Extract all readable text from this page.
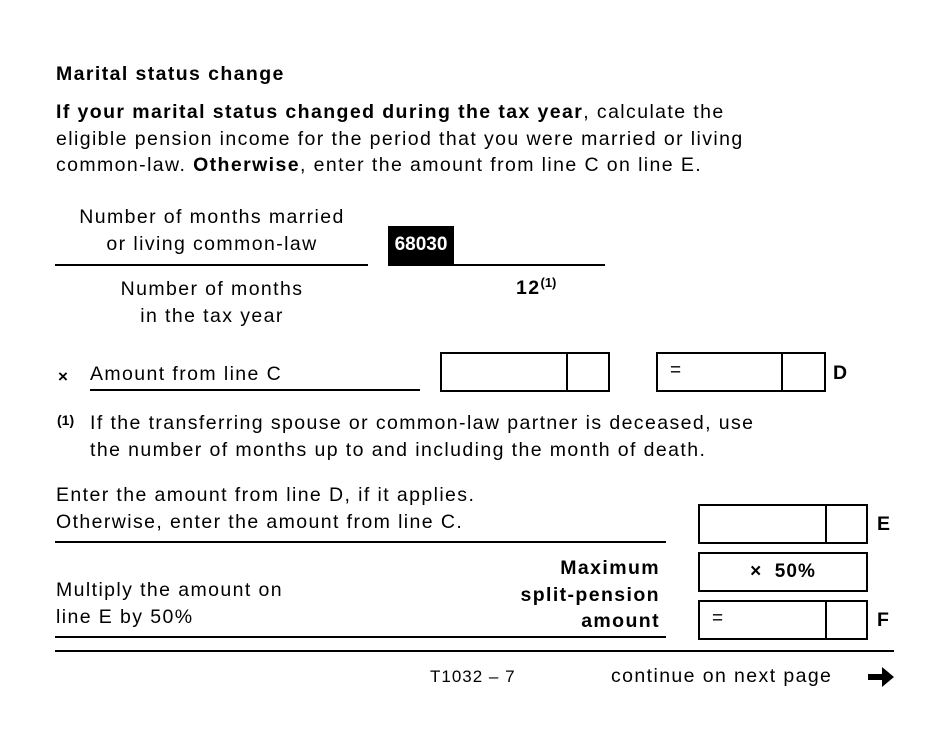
Marital status change
If your marital status changed during the tax year, calculate the
eligible pension income for the period that you were married or living
common-law. Otherwise, enter the amount from line C on line E.
Number of months married
or living common-law	68030
Number of months
in the tax year
$12^{(1)}$
× Amount from line C	=	D
(1) If the transferring spouse or common-law partner is deceased, use
the number of months up to and including the month of death.
Enter the amount from line D, if it applies.
Otherwise, enter the amount from line C.	E
Multiply the amount on
line E by 50%
Maximum
split-pension
amount
×  50%
=	F
T1032 – 7	continue on next page
